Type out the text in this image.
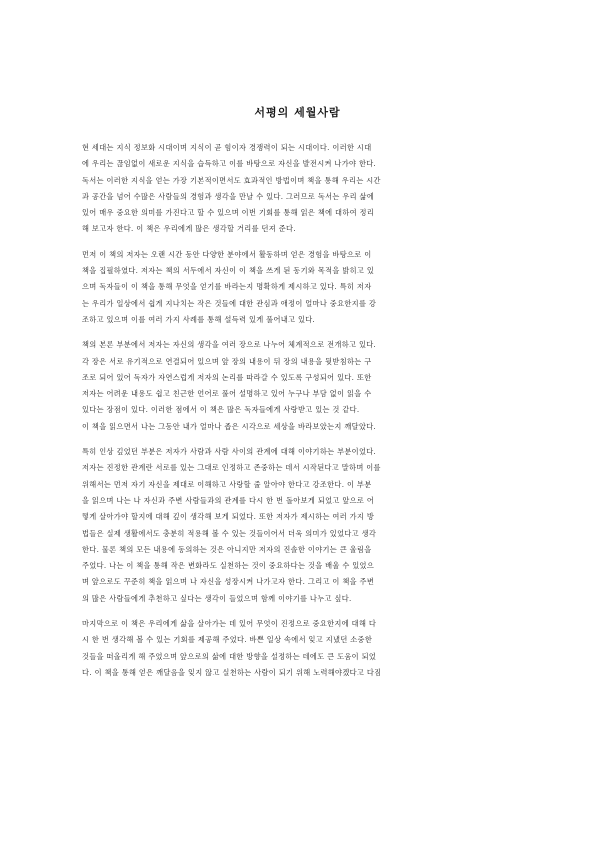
서평의 세월사람
현 세대는 지식 정보화 시대이며 지식이 곧 힘이자 경쟁력이 되는 시대이다. 이러한 시대
에 우리는 끊임없이 새로운 지식을 습득하고 이를 바탕으로 자신을 발전시켜 나가야 한다.
독서는 이러한 지식을 얻는 가장 기본적이면서도 효과적인 방법이며 책을 통해 우리는 시간
과 공간을 넘어 수많은 사람들의 경험과 생각을 만날 수 있다. 그러므로 독서는 우리 삶에
있어 매우 중요한 의미를 가진다고 할 수 있으며 이번 기회를 통해 읽은 책에 대하여 정리
해 보고자 한다. 이 책은 우리에게 많은 생각할 거리를 던져 준다.
먼저 이 책의 저자는 오랜 시간 동안 다양한 분야에서 활동하며 얻은 경험을 바탕으로 이
책을 집필하였다. 저자는 책의 서두에서 자신이 이 책을 쓰게 된 동기와 목적을 밝히고 있
으며 독자들이 이 책을 통해 무엇을 얻기를 바라는지 명확하게 제시하고 있다. 특히 저자
는 우리가 일상에서 쉽게 지나치는 작은 것들에 대한 관심과 애정이 얼마나 중요한지를 강
조하고 있으며 이를 여러 가지 사례를 통해 설득력 있게 풀어내고 있다.
책의 본론 부분에서 저자는 자신의 생각을 여러 장으로 나누어 체계적으로 전개하고 있다.
각 장은 서로 유기적으로 연결되어 있으며 앞 장의 내용이 뒤 장의 내용을 뒷받침하는 구
조로 되어 있어 독자가 자연스럽게 저자의 논리를 따라갈 수 있도록 구성되어 있다. 또한
저자는 어려운 내용도 쉽고 친근한 언어로 풀어 설명하고 있어 누구나 부담 없이 읽을 수
있다는 장점이 있다. 이러한 점에서 이 책은 많은 독자들에게 사랑받고 있는 것 같다.
이 책을 읽으면서 나는 그동안 내가 얼마나 좁은 시각으로 세상을 바라보았는지 깨달았다.
특히 인상 깊었던 부분은 저자가 사람과 사람 사이의 관계에 대해 이야기하는 부분이었다.
저자는 진정한 관계란 서로를 있는 그대로 인정하고 존중하는 데서 시작된다고 말하며 이를
위해서는 먼저 자기 자신을 제대로 이해하고 사랑할 줄 알아야 한다고 강조한다. 이 부분
을 읽으며 나는 나 자신과 주변 사람들과의 관계를 다시 한 번 돌아보게 되었고 앞으로 어
떻게 살아가야 할지에 대해 깊이 생각해 보게 되었다. 또한 저자가 제시하는 여러 가지 방
법들은 실제 생활에서도 충분히 적용해 볼 수 있는 것들이어서 더욱 의미가 있었다고 생각
한다. 물론 책의 모든 내용에 동의하는 것은 아니지만 저자의 진솔한 이야기는 큰 울림을
주었다. 나는 이 책을 통해 작은 변화라도 실천하는 것이 중요하다는 것을 배울 수 있었으
며 앞으로도 꾸준히 책을 읽으며 나 자신을 성장시켜 나가고자 한다. 그리고 이 책을 주변
의 많은 사람들에게 추천하고 싶다는 생각이 들었으며 함께 이야기를 나누고 싶다.
마지막으로 이 책은 우리에게 삶을 살아가는 데 있어 무엇이 진정으로 중요한지에 대해 다
시 한 번 생각해 볼 수 있는 기회를 제공해 주었다. 바쁜 일상 속에서 잊고 지냈던 소중한
것들을 떠올리게 해 주었으며 앞으로의 삶에 대한 방향을 설정하는 데에도 큰 도움이 되었
다. 이 책을 통해 얻은 깨달음을 잊지 않고 실천하는 사람이 되기 위해 노력해야겠다고 다짐
